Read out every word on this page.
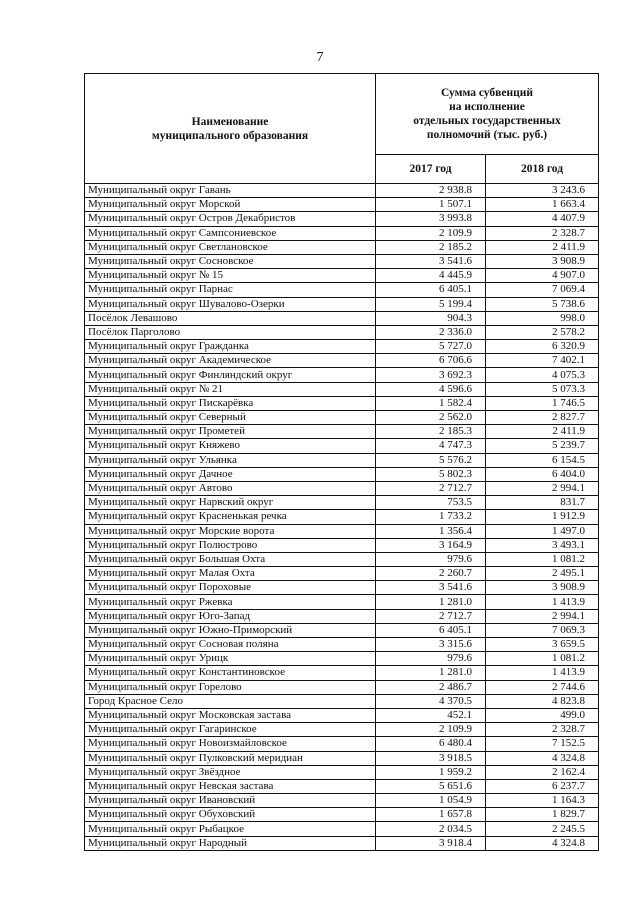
7
Наименование
муниципального образования	Сумма субвенций
на исполнение
отдельных государственных
полномочий (тыс. руб.)	
	2017 год	2018 год
Муниципальный округ Гавань	2 938.8	3 243.6
Муниципальный округ Морской	1 507.1	1 663.4
Муниципальный округ Остров Декабристов	3 993.8	4 407.9
Муниципальный округ Сампсониевское	2 109.9	2 328.7
Муниципальный округ Светлановское	2 185.2	2 411.9
Муниципальный округ Сосновское	3 541.6	3 908.9
Муниципальный округ № 15	4 445.9	4 907.0
Муниципальный округ Парнас	6 405.1	7 069.4
Муниципальный округ Шувалово-Озерки	5 199.4	5 738.6
Посёлок Левашово	904.3	998.0
Посёлок Парголово	2 336.0	2 578.2
Муниципальный округ Гражданка	5 727.0	6 320.9
Муниципальный округ Академическое	6 706.6	7 402.1
Муниципальный округ Финляндский округ	3 692.3	4 075.3
Муниципальный округ № 21	4 596.6	5 073.3
Муниципальный округ Пискарёвка	1 582.4	1 746.5
Муниципальный округ Северный	2 562.0	2 827.7
Муниципальный округ Прометей	2 185.3	2 411.9
Муниципальный округ Княжево	4 747.3	5 239.7
Муниципальный округ Ульянка	5 576.2	6 154.5
Муниципальный округ Дачное	5 802.3	6 404.0
Муниципальный округ Автово	2 712.7	2 994.1
Муниципальный округ Нарвский округ	753.5	831.7
Муниципальный округ Красненькая речка	1 733.2	1 912.9
Муниципальный округ Морские ворота	1 356.4	1 497.0
Муниципальный округ Полюстрово	3 164.9	3 493.1
Муниципальный округ Большая Охта	979.6	1 081.2
Муниципальный округ Малая Охта	2 260.7	2 495.1
Муниципальный округ Пороховые	3 541.6	3 908.9
Муниципальный округ Ржевка	1 281.0	1 413.9
Муниципальный округ Юго-Запад	2 712.7	2 994.1
Муниципальный округ Южно-Приморский	6 405.1	7 069.3
Муниципальный округ Сосновая поляна	3 315.6	3 659.5
Муниципальный округ Урицк	979.6	1 081.2
Муниципальный округ Константиновское	1 281.0	1 413.9
Муниципальный округ Горелово	2 486.7	2 744.6
Город Красное Село	4 370.5	4 823.8
Муниципальный округ Московская застава	452.1	499.0
Муниципальный округ Гагаринское	2 109.9	2 328.7
Муниципальный округ Новоизмайловское	6 480.4	7 152.5
Муниципальный округ Пулковский меридиан	3 918.5	4 324.8
Муниципальный округ Звёздное	1 959.2	2 162.4
Муниципальный округ Невская застава	5 651.6	6 237.7
Муниципальный округ Ивановский	1 054.9	1 164.3
Муниципальный округ Обуховский	1 657.8	1 829.7
Муниципальный округ Рыбацкое	2 034.5	2 245.5
Муниципальный округ Народный	3 918.4	4 324.8
